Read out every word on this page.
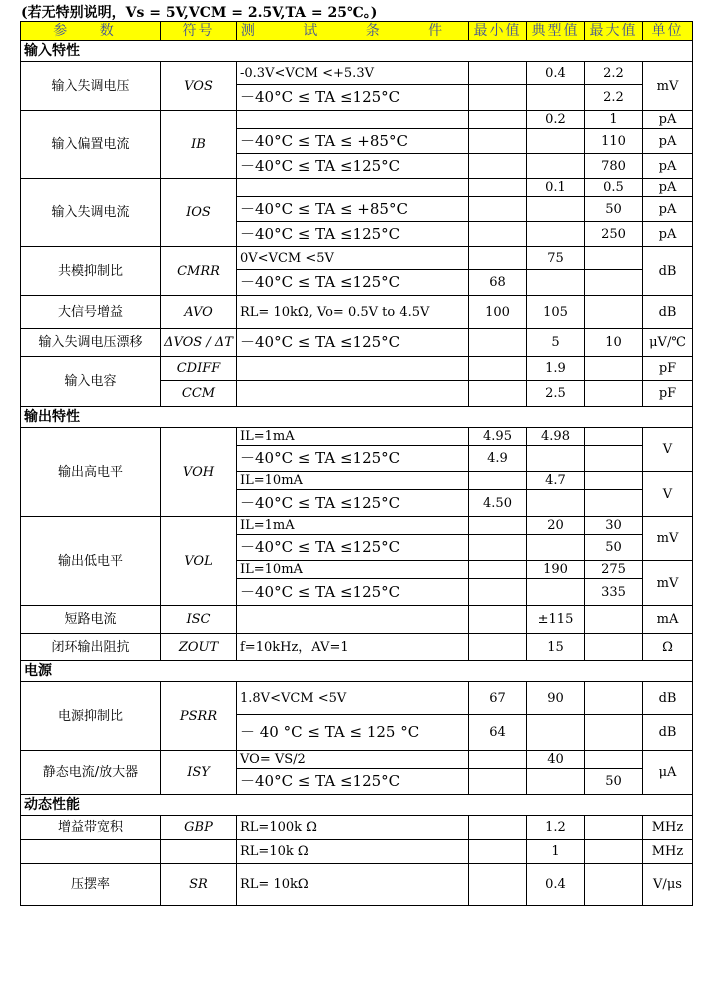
(若无特别说明，Vs = 5V,VCM = 2.5V,TA = 25℃。)
参 数	符号	测 试 条 件	最小值	典型值	最大值	单位
输入特性						
输入失调电压	VOS	-0.3V<VCM <+5.3V		0.4	2.2	mV
		－40°C ≤ TA ≤125°C			2.2	
输入偏置电流	IB			0.2	1	pA
		－40°C ≤ TA ≤ +85°C			110	pA
		－40°C ≤ TA ≤125°C			780	pA
输入失调电流	IOS			0.1	0.5	pA
		－40°C ≤ TA ≤ +85°C			50	pA
		－40°C ≤ TA ≤125°C			250	pA
共模抑制比	CMRR	0V<VCM <5V		75		dB
		－40°C ≤ TA ≤125°C	68			
大信号增益	AVO	RL= 10kΩ, Vo= 0.5V to 4.5V	100	105		dB
输入失调电压漂移	ΔVOS / ΔT	－40°C ≤ TA ≤125°C		5	10	μV/℃
输入电容	CDIFF			1.9		pF
	CCM			2.5		pF
输出特性						
输出高电平	VOH	IL=1mA	4.95	4.98		V
		－40°C ≤ TA ≤125°C	4.9			
		IL=10mA		4.7		V
		－40°C ≤ TA ≤125°C	4.50			
输出低电平	VOL	IL=1mA		20	30	mV
		－40°C ≤ TA ≤125°C			50	
		IL=10mA		190	275	mV
		－40°C ≤ TA ≤125°C			335	
短路电流	ISC			±115		mA
闭环输出阻抗	ZOUT	f=10kHz，AV=1		15		Ω
电源						
电源抑制比	PSRR	1.8V<VCM <5V	67	90		dB
		－ 40 °C ≤ TA ≤ 125 °C	64			dB
静态电流/放大器	ISY	VO= VS/2		40		μA
		－40°C ≤ TA ≤125°C			50	
动态性能						
增益带宽积	GBP	RL=100k Ω		1.2		MHz
		RL=10k Ω		1		MHz
压摆率	SR	RL= 10kΩ		0.4		V/μs
